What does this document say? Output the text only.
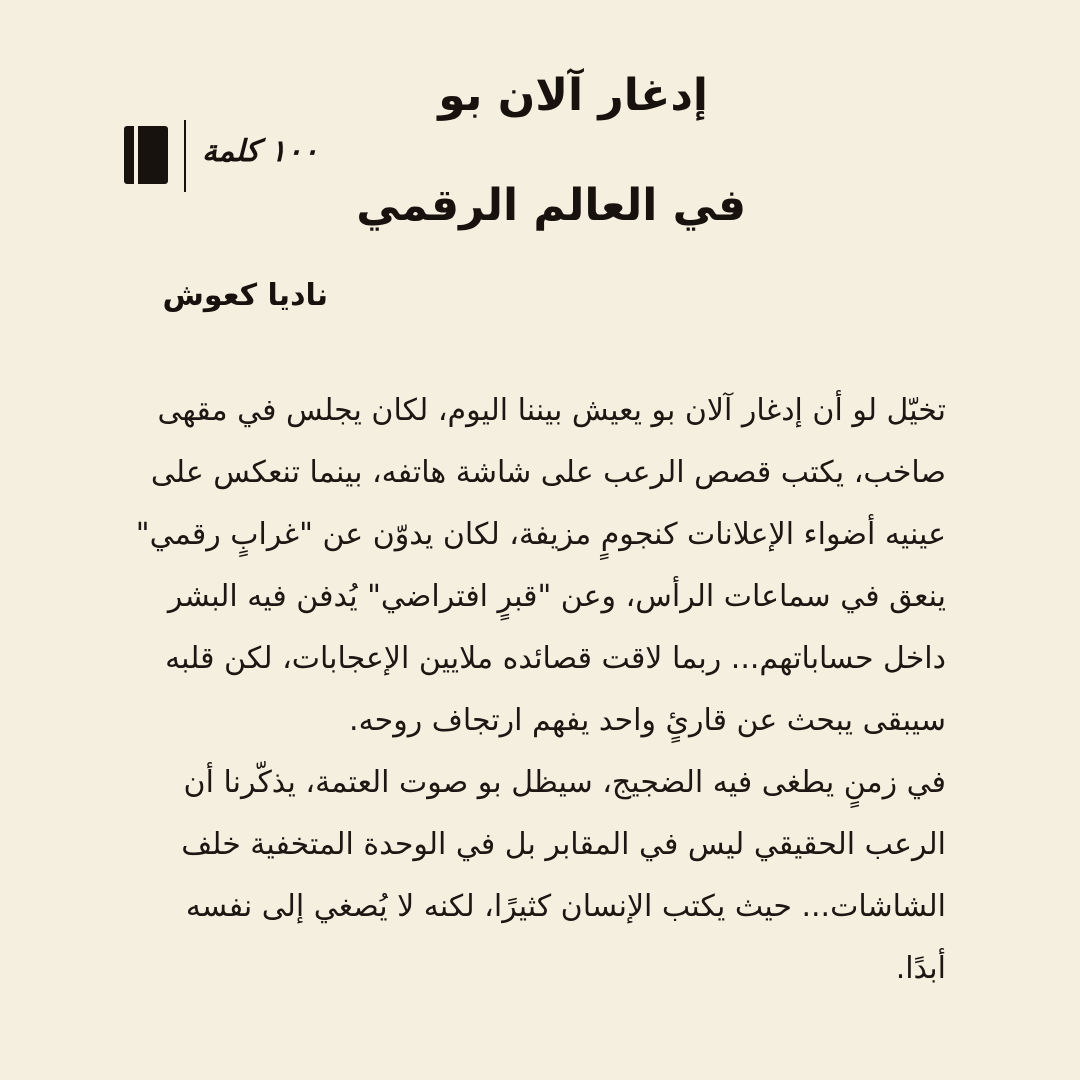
١٠٠ كلمة
إدغار آلان بو
في العالم الرقمي
ناديا كعوش
تخيّل لو أن إدغار آلان بو يعيش بيننا اليوم، لكان يجلس في مقهى
صاخب، يكتب قصص الرعب على شاشة هاتفه، بينما تنعكس على
عينيه أضواء الإعلانات كنجومٍ مزيفة، لكان يدوّن عن "غرابٍ رقمي"
ينعق في سماعات الرأس، وعن "قبرٍ افتراضي" يُدفن فيه البشر
داخل حساباتهم... ربما لاقت قصائده ملايين الإعجابات، لكن قلبه
سيبقى يبحث عن قارئٍ واحد يفهم ارتجاف روحه.
في زمنٍ يطغى فيه الضجيج، سيظل بو صوت العتمة، يذكّرنا أن
الرعب الحقيقي ليس في المقابر بل في الوحدة المتخفية خلف
الشاشات... حيث يكتب الإنسان كثيرًا، لكنه لا يُصغي إلى نفسه
أبدًا.
